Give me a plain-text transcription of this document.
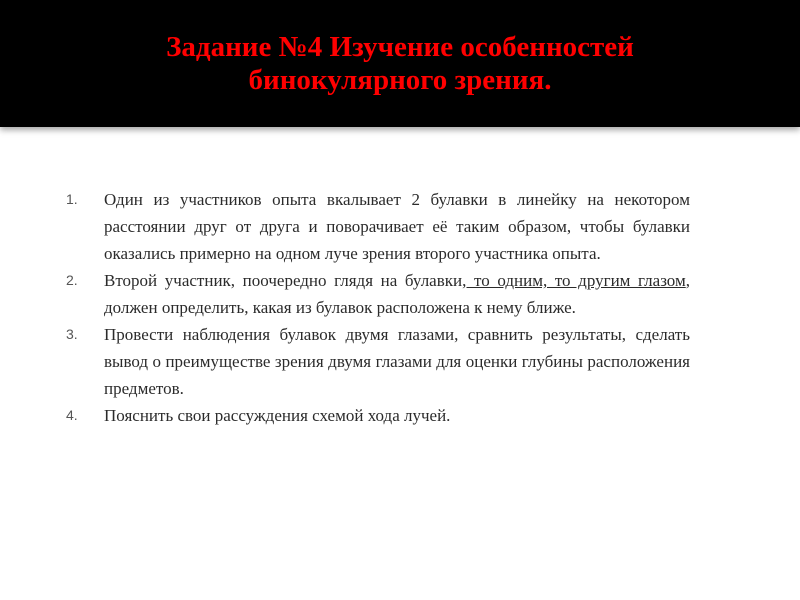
Задание №4 Изучение особенностей
бинокулярного зрения.
1.	Один из участников опыта вкалывает 2 булавки в линейку на некотором расстоянии друг от друга и поворачивает её таким образом, чтобы булавки оказались примерно на одном луче зрения второго участника опыта.
2.	Второй участник, поочередно глядя на булавки, то одним, то другим глазом, должен определить, какая из булавок расположена к нему ближе.
3.	Провести наблюдения булавок двумя глазами, сравнить результаты, сделать вывод о преимуществе зрения двумя глазами для оценки глубины расположения предметов.
4.	Пояснить свои рассуждения схемой хода лучей.
